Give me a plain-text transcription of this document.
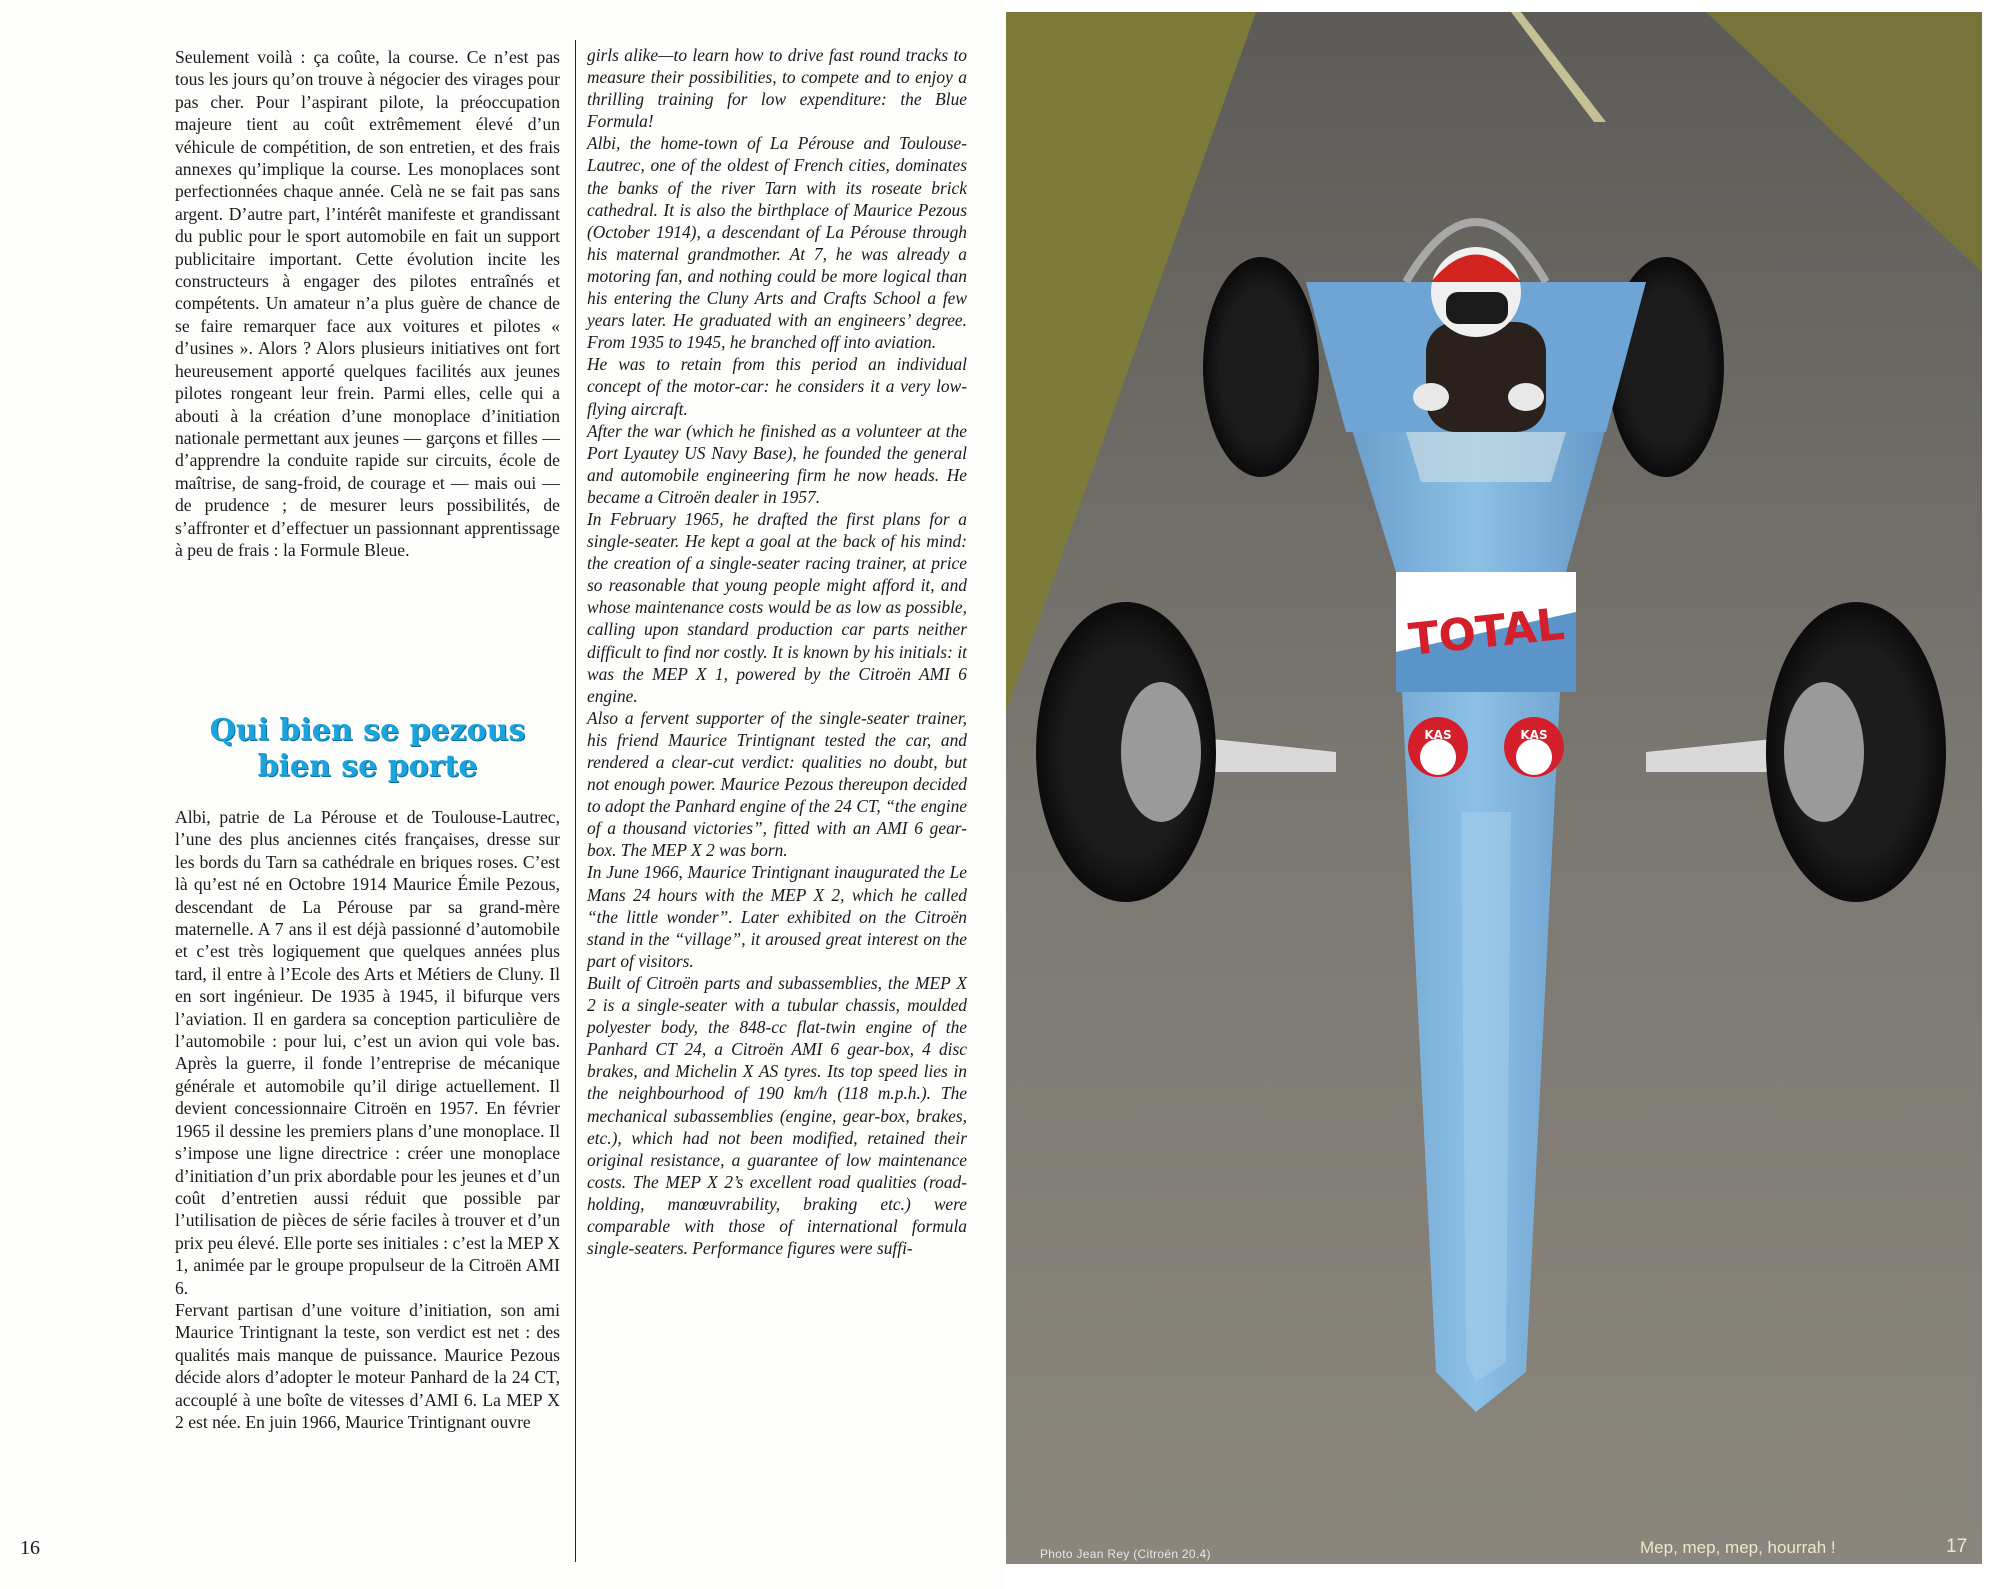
Seulement voilà : ça coûte, la course. Ce n’est pas tous les jours qu’on trouve à négocier des virages pour pas cher. Pour l’aspirant pilote, la préoccupation majeure tient au coût extrêmement élevé d’un véhicule de compétition, de son entretien, et des frais annexes qu’implique la course. Les monoplaces sont perfectionnées chaque année. Celà ne se fait pas sans argent. D’autre part, l’intérêt manifeste et grandissant du public pour le sport automobile en fait un support publicitaire important. Cette évolution incite les constructeurs à engager des pilotes entraînés et compétents. Un amateur n’a plus guère de chance de se faire remarquer face aux voitures et pilotes « d’usines ». Alors ? Alors plusieurs initiatives ont fort heureusement apporté quelques facilités aux jeunes pilotes rongeant leur frein. Parmi elles, celle qui a abouti à la création d’une monoplace d’initiation nationale permettant aux jeunes — garçons et filles — d’apprendre la conduite rapide sur circuits, école de maîtrise, de sang-froid, de courage et — mais oui — de prudence ; de mesurer leurs possibilités, de s’affronter et d’effectuer un passionnant apprentissage à peu de frais : la Formule Bleue.

Qui bien se pezous
bien se porte

Albi, patrie de La Pérouse et de Toulouse-Lautrec, l’une des plus anciennes cités françaises, dresse sur les bords du Tarn sa cathédrale en briques roses. C’est là qu’est né en Octobre 1914 Maurice Émile Pezous, descendant de La Pérouse par sa grand-mère maternelle. A 7 ans il est déjà passionné d’automobile et c’est très logiquement que quelques années plus tard, il entre à l’Ecole des Arts et Métiers de Cluny. Il en sort ingénieur. De 1935 à 1945, il bifurque vers l’aviation. Il en gardera sa conception particulière de l’automobile : pour lui, c’est un avion qui vole bas. Après la guerre, il fonde l’entreprise de mécanique générale et automobile qu’il dirige actuellement. Il devient concessionnaire Citroën en 1957. En février 1965 il dessine les premiers plans d’une monoplace. Il s’impose une ligne directrice : créer une monoplace d’initiation d’un prix abordable pour les jeunes et d’un coût d’entretien aussi réduit que possible par l’utilisation de pièces de série faciles à trouver et d’un prix peu élevé. Elle porte ses initiales : c’est la MEP X 1, animée par le groupe propulseur de la Citroën AMI 6.

Fervant partisan d’une voiture d’initiation, son ami Maurice Trintignant la teste, son verdict est net : des qualités mais manque de puissance. Maurice Pezous décide alors d’adopter le moteur Panhard de la 24 CT, accouplé à une boîte de vitesses d’AMI 6. La MEP X 2 est née. En juin 1966, Maurice Trintignant ouvre

girls alike—to learn how to drive fast round tracks to measure their possibilities, to compete and to enjoy a thrilling training for low expenditure: the Blue Formula!

Albi, the home-town of La Pérouse and Toulouse-Lautrec, one of the oldest of French cities, dominates the banks of the river Tarn with its roseate brick cathedral. It is also the birthplace of Maurice Pezous (October 1914), a descendant of La Pérouse through his maternal grandmother. At 7, he was already a motoring fan, and nothing could be more logical than his entering the Cluny Arts and Crafts School a few years later. He graduated with an engineers’ degree. From 1935 to 1945, he branched off into aviation.

He was to retain from this period an individual concept of the motor-car: he considers it a very low-flying aircraft.

After the war (which he finished as a volunteer at the Port Lyautey US Navy Base), he founded the general and automobile engineering firm he now heads. He became a Citroën dealer in 1957.

In February 1965, he drafted the first plans for a single-seater. He kept a goal at the back of his mind: the creation of a single-seater racing trainer, at price so reasonable that young people might afford it, and whose maintenance costs would be as low as possible, calling upon standard production car parts neither difficult to find nor costly. It is known by his initials: it was the MEP X 1, powered by the Citroën AMI 6 engine.

Also a fervent supporter of the single-seater trainer, his friend Maurice Trintignant tested the car, and rendered a clear-cut verdict: qualities no doubt, but not enough power. Maurice Pezous thereupon decided to adopt the Panhard engine of the 24 CT, “the engine of a thousand victories”, fitted with an AMI 6 gear-box. The MEP X 2 was born.

In June 1966, Maurice Trintignant inaugurated the Le Mans 24 hours with the MEP X 2, which he called “the little wonder”. Later exhibited on the Citroën stand in the “village”, it aroused great interest on the part of visitors.

Built of Citroën parts and subassemblies, the MEP X 2 is a single-seater with a tubular chassis, moulded polyester body, the 848-cc flat-twin engine of the Panhard CT 24, a Citroën AMI 6 gear-box, 4 disc brakes, and Michelin X AS tyres. Its top speed lies in the neighbourhood of 190 km/h (118 m.p.h.). The mechanical subassemblies (engine, gear-box, brakes, etc.), which had not been modified, retained their original resistance, a guarantee of low maintenance costs. The MEP X 2’s excellent road qualities (road-holding, manœuvrability, braking etc.) were comparable with those of international formula single-seaters. Performance figures were suffi-

16
TOTAL
KAS	KAS
Photo Jean Rey (Citroën 20.4)	Mep, mep, mep, hourrah !	17
